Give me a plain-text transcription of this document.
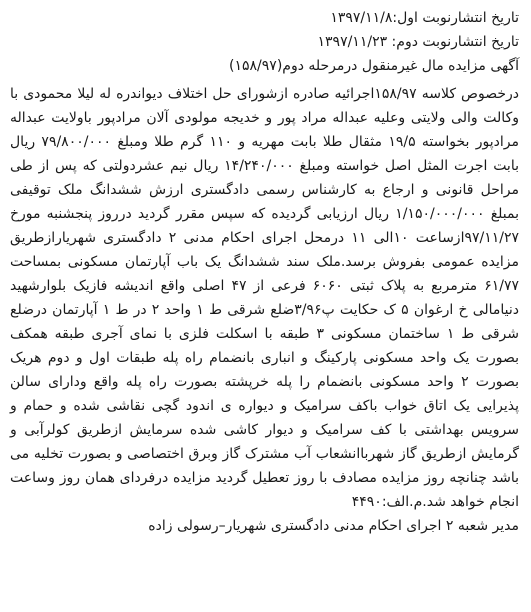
تاریخ انتشارنوبت اول:۱۳۹۷/۱۱/۸
تاریخ انتشارنوبت دوم: ۱۳۹۷/۱۱/۲۳
آگهی مزایده مال غیرمنقول درمرحله دوم(۱۵۸/۹۷)
درخصوص کلاسه ۱۵۸/۹۷اجرائیه صادره ازشورای حل اختلاف دیواندره له لیلا محمودی با وکالت والی ولایتی وعلیه عبداله مراد پور و خدیجه مولودی آلان مرادپور باولایت عبداله مرادپور بخواسته ۱۹/۵ مثقال طلا بابت مهریه و ۱۱۰ گرم طلا ومبلغ ۷۹/۸۰۰/۰۰۰ ریال بابت اجرت المثل اصل خواسته ومبلغ ۱۴/۲۴۰/۰۰۰ ریال نیم عشردولتی که پس از طی مراحل قانونی و ارجاع به کارشناس رسمی دادگستری ارزش ششدانگ ملک توقیفی بمبلغ ۱/۱۵۰/۰۰۰/۰۰۰ ریال ارزیابی گردیده که سپس مقرر گردید درروز پنجشنبه مورخ ۹۷/۱۱/۲۷ازساعت ۱۰الی ۱۱ درمحل اجرای احکام مدنی ۲ دادگستری شهریارازطریق مزایده عمومی بفروش برسد.ملک سند ششدانگ یک باب آپارتمان مسکونی بمساحت ۶۱/۷۷ مترمربع به پلاک ثبتی ۶۰۶۰ فرعی از ۴۷ اصلی واقع اندیشه فازیک بلوارشهید دنیامالی خ ارغوان ۵ ک حکایت پ۳/۹۶ضلع شرقی ط ۱ واحد ۲ در ط ۱ آپارتمان درضلع شرقی ط ۱ ساختمان مسکونی ۳ طبقه با اسکلت فلزی با نمای آجری طبقه همکف بصورت یک واحد مسکونی پارکینگ و انباری بانضمام راه پله طبقات اول و دوم هریک بصورت ۲ واحد مسکونی بانضمام را پله خرپشته بصورت راه پله واقع ودارای سالن پذیرایی یک اتاق خواب باکف سرامیک و دیواره ی اندود گچی نقاشی شده و حمام و سرویس بهداشتی با کف سرامیک و دیوار کاشی شده سرمایش ازطریق کولرآبی و گرمایش ازطریق گاز شهرباانشعاب آب مشترک گاز وبرق اختصاصی و بصورت تخلیه می باشد چنانچه روز مزایده مصادف با روز تعطیل گردید مزایده درفردای همان روز وساعت انجام خواهد شد.م.الف:۴۴۹۰
مدیر شعبه ۲ اجرای احکام مدنی دادگستری شهریار–رسولی زاده
